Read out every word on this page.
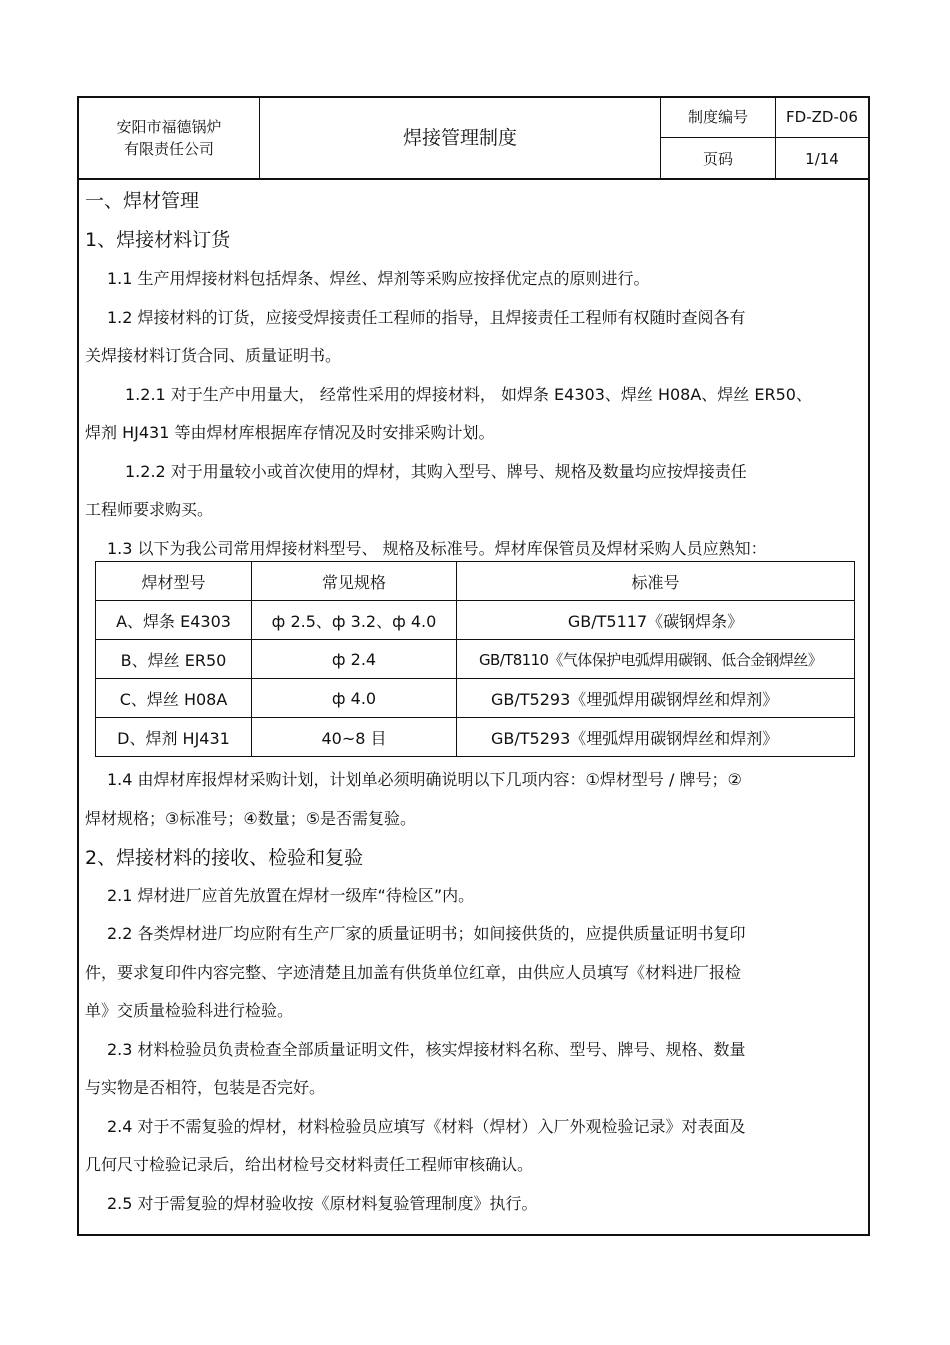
安阳市福德锅炉
有限责任公司	焊接管理制度
制度编号	FD-ZD-06
页码	1/14
一、焊材管理
1、焊接材料订货
1.1 生产用焊接材料包括焊条、焊丝、焊剂等采购应按择优定点的原则进行。
1.2 焊接材料的订货，应接受焊接责任工程师的指导，且焊接责任工程师有权随时查阅各有
关焊接材料订货合同、质量证明书。
1.2.1 对于生产中用量大， 经常性采用的焊接材料， 如焊条 E4303、焊丝 H08A、焊丝 ER50、
焊剂 HJ431 等由焊材库根据库存情况及时安排采购计划。
1.2.2 对于用量较小或首次使用的焊材，其购入型号、牌号、规格及数量均应按焊接责任
工程师要求购买。
1.3 以下为我公司常用焊接材料型号、 规格及标准号。焊材库保管员及焊材采购人员应熟知：
焊材型号	常见规格	标准号
A、焊条 E4303	ф 2.5、ф 3.2、ф 4.0	GB/T5117《碳钢焊条》
B、焊丝 ER50	ф 2.4	GB/T8110《气体保护电弧焊用碳钢、低合金钢焊丝》
C、焊丝 H08A	ф 4.0	GB/T5293《埋弧焊用碳钢焊丝和焊剂》
D、焊剂 HJ431	40~8 目	GB/T5293《埋弧焊用碳钢焊丝和焊剂》
1.4 由焊材库报焊材采购计划，计划单必须明确说明以下几项内容：①焊材型号 / 牌号；②
焊材规格；③标准号；④数量；⑤是否需复验。
2、焊接材料的接收、检验和复验
2.1 焊材进厂应首先放置在焊材一级库“待检区”内。
2.2 各类焊材进厂均应附有生产厂家的质量证明书；如间接供货的，应提供质量证明书复印
件，要求复印件内容完整、字迹清楚且加盖有供货单位红章，由供应人员填写《材料进厂报检
单》交质量检验科进行检验。
2.3 材料检验员负责检查全部质量证明文件，核实焊接材料名称、型号、牌号、规格、数量
与实物是否相符，包装是否完好。
2.4 对于不需复验的焊材，材料检验员应填写《材料（焊材）入厂外观检验记录》对表面及
几何尺寸检验记录后，给出材检号交材料责任工程师审核确认。
2.5 对于需复验的焊材验收按《原材料复验管理制度》执行。
